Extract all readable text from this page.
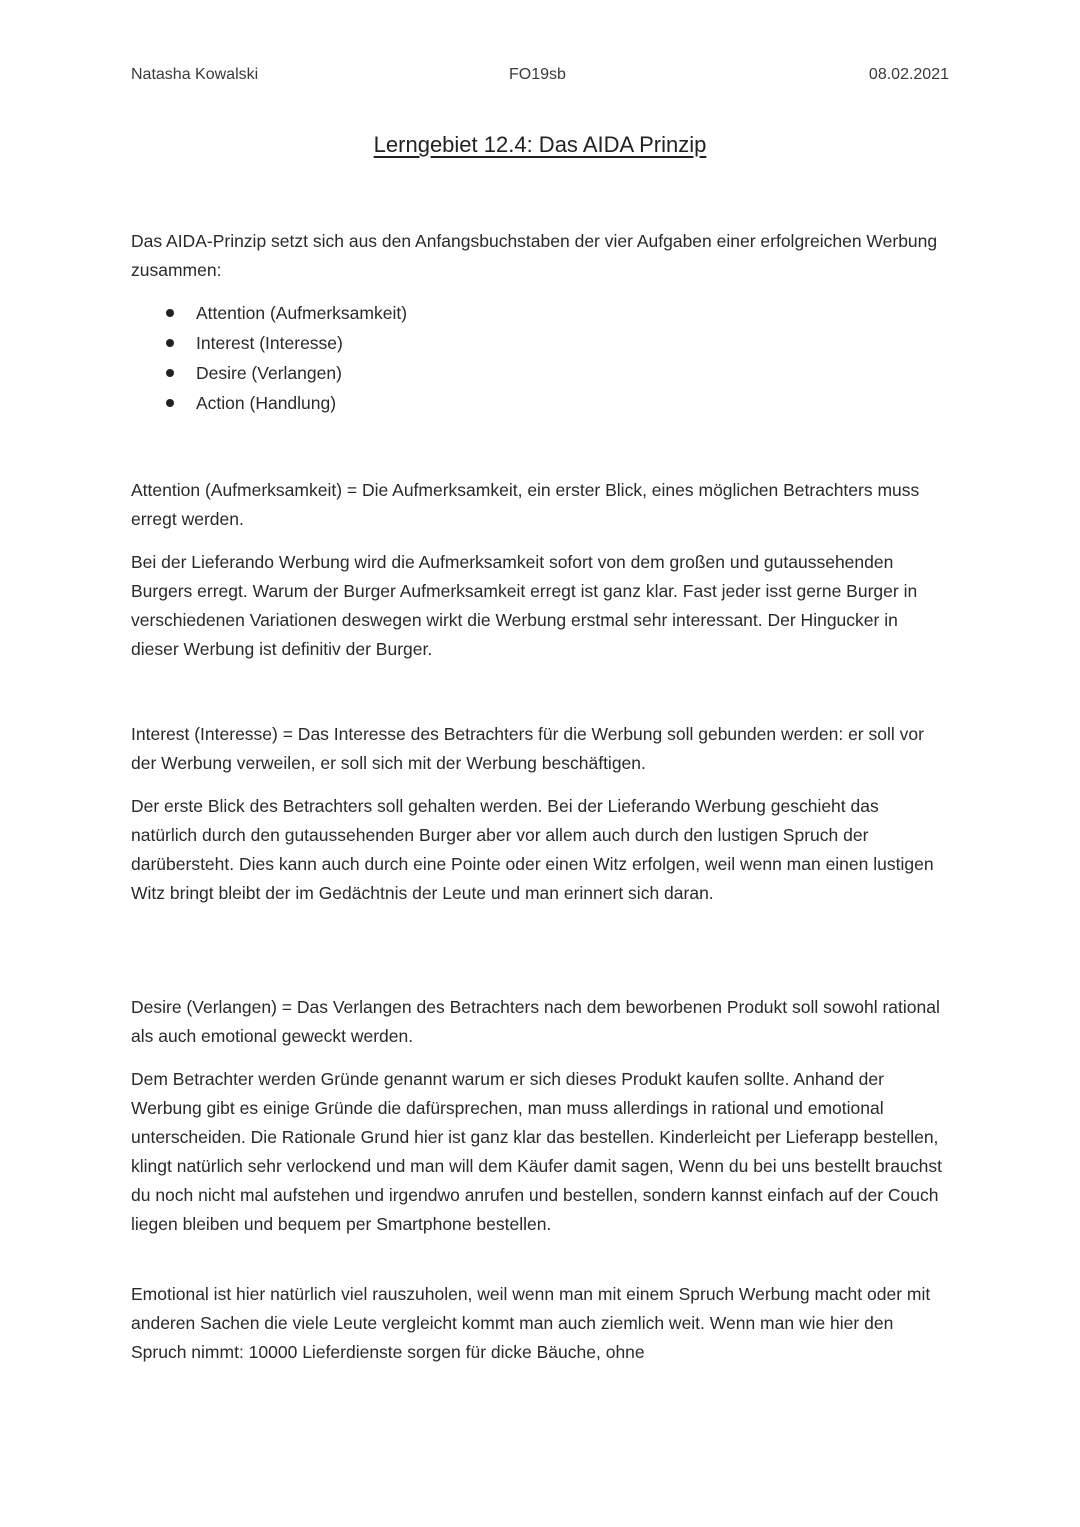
Natasha Kowalski	FO19sb	08.02.2021
Lerngebiet 12.4: Das AIDA Prinzip

Das AIDA-Prinzip setzt sich aus den Anfangsbuchstaben der vier Aufgaben einer erfolgreichen Werbung zusammen:

Attention (Aufmerksamkeit)
Interest (Interesse)
Desire (Verlangen)
Action (Handlung)

Attention (Aufmerksamkeit) = Die Aufmerksamkeit, ein erster Blick, eines möglichen Betrachters muss erregt werden.

Bei der Lieferando Werbung wird die Aufmerksamkeit sofort von dem großen und gutaussehenden Burgers erregt. Warum der Burger Aufmerksamkeit erregt ist ganz klar. Fast jeder isst gerne Burger in verschiedenen Variationen deswegen wirkt die Werbung erstmal sehr interessant. Der Hingucker in dieser Werbung ist definitiv der Burger.

Interest (Interesse) = Das Interesse des Betrachters für die Werbung soll gebunden werden: er soll vor der Werbung verweilen, er soll sich mit der Werbung beschäftigen.

Der erste Blick des Betrachters soll gehalten werden. Bei der Lieferando Werbung geschieht das natürlich durch den gutaussehenden Burger aber vor allem auch durch den lustigen Spruch der darübersteht. Dies kann auch durch eine Pointe oder einen Witz erfolgen, weil wenn man einen lustigen Witz bringt bleibt der im Gedächtnis der Leute und man erinnert sich daran.

Desire (Verlangen) = Das Verlangen des Betrachters nach dem beworbenen Produkt soll sowohl rational als auch emotional geweckt werden.

Dem Betrachter werden Gründe genannt warum er sich dieses Produkt kaufen sollte. Anhand der Werbung gibt es einige Gründe die dafürsprechen, man muss allerdings in rational und emotional unterscheiden. Die Rationale Grund hier ist ganz klar das bestellen. Kinderleicht per Lieferapp bestellen, klingt natürlich sehr verlockend und man will dem Käufer damit sagen, Wenn du bei uns bestellt brauchst du noch nicht mal aufstehen und irgendwo anrufen und bestellen, sondern kannst einfach auf der Couch liegen bleiben und bequem per Smartphone bestellen.

Emotional ist hier natürlich viel rauszuholen, weil wenn man mit einem Spruch Werbung macht oder mit anderen Sachen die viele Leute vergleicht kommt man auch ziemlich weit. Wenn man wie hier den Spruch nimmt: 10000 Lieferdienste sorgen für dicke Bäuche, ohne
